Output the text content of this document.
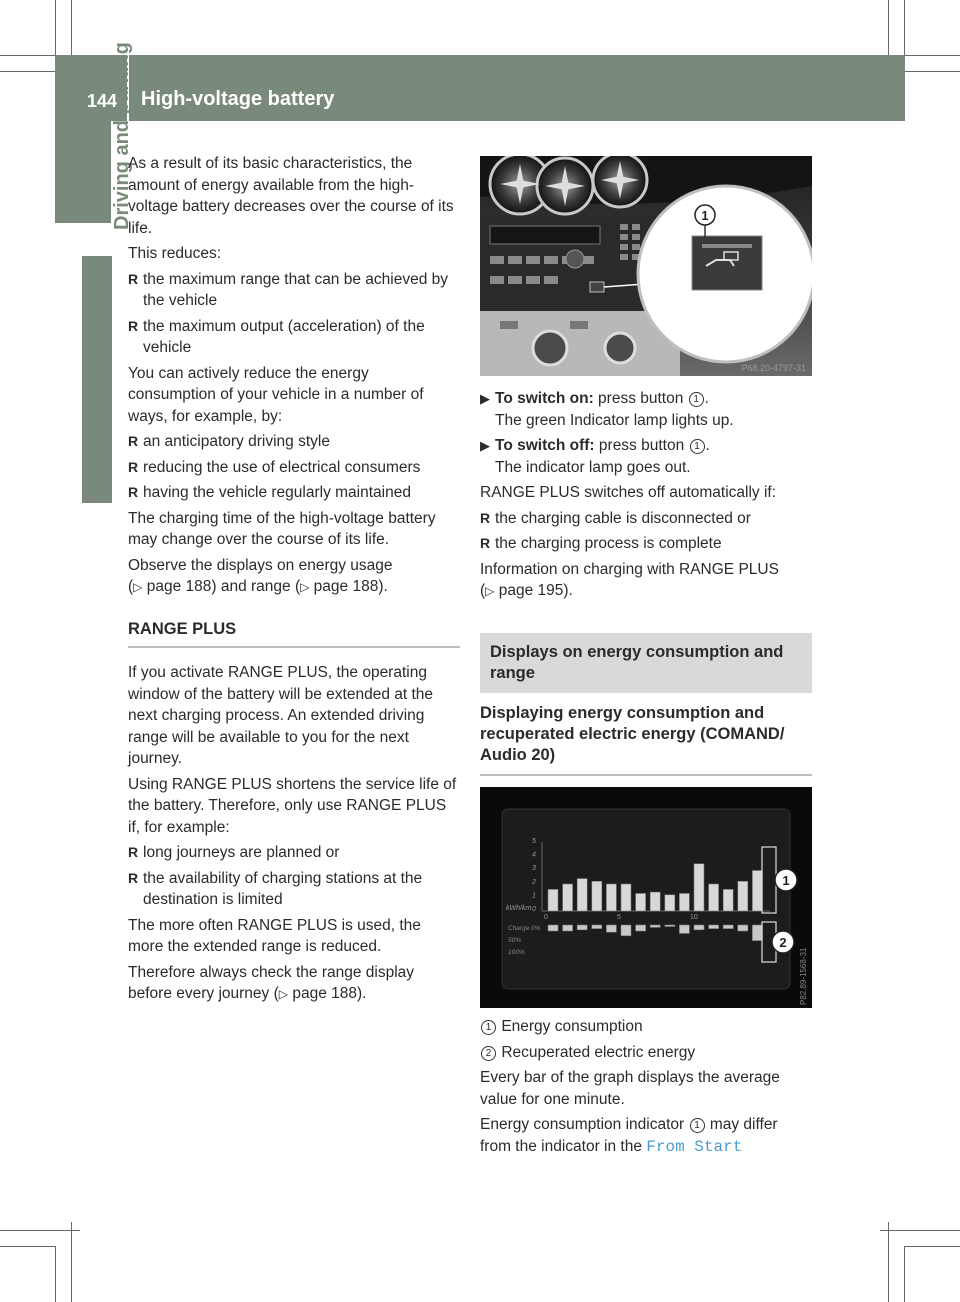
144 High-voltage battery
Driving and parking

As a result of its basic characteristics, the amount of energy available from the high-voltage battery decreases over the course of its life.

This reduces:

R the maximum range that can be achieved by the vehicle
R the maximum output (acceleration) of the vehicle

You can actively reduce the energy consumption of your vehicle in a number of ways, for example, by:

R an anticipatory driving style
R reducing the use of electrical consumers
R having the vehicle regularly maintained

The charging time of the high-voltage battery may change over the course of its life.

Observe the displays on energy usage
(▷ page 188) and range (▷ page 188).

RANGE PLUS

If you activate RANGE PLUS, the operating window of the battery will be extended at the next charging process. An extended driving range will be available to you for the next journey.

Using RANGE PLUS shortens the service life of the battery. Therefore, only use RANGE PLUS if, for example:

R long journeys are planned or
R the availability of charging stations at the destination is limited

The more often RANGE PLUS is used, the more the extended range is reduced.

Therefore always check the range display before every journey (▷ page 188).

1
P68.20-4797-31
▶ To switch on: press button 1 .
The green Indicator lamp lights up.
▶ To switch off: press button 1 .
The indicator lamp goes out.

RANGE PLUS switches off automatically if:

R the charging cable is disconnected or
R the charging process is complete

Information on charging with RANGE PLUS
(▷ page 195).

Displays on energy consumption and range
Displaying energy consumption and recuperated electric energy (COMAND/ Audio 20)
5
4
3
2
1
0
kWh/km
0	5	10
Charge 0%
50%
100%
1
2
P82.89-1568-31

1 Energy consumption

2 Recuperated electric energy

Every bar of the graph displays the average value for one minute.

Energy consumption indicator 1 may differ from the indicator in the From Start
